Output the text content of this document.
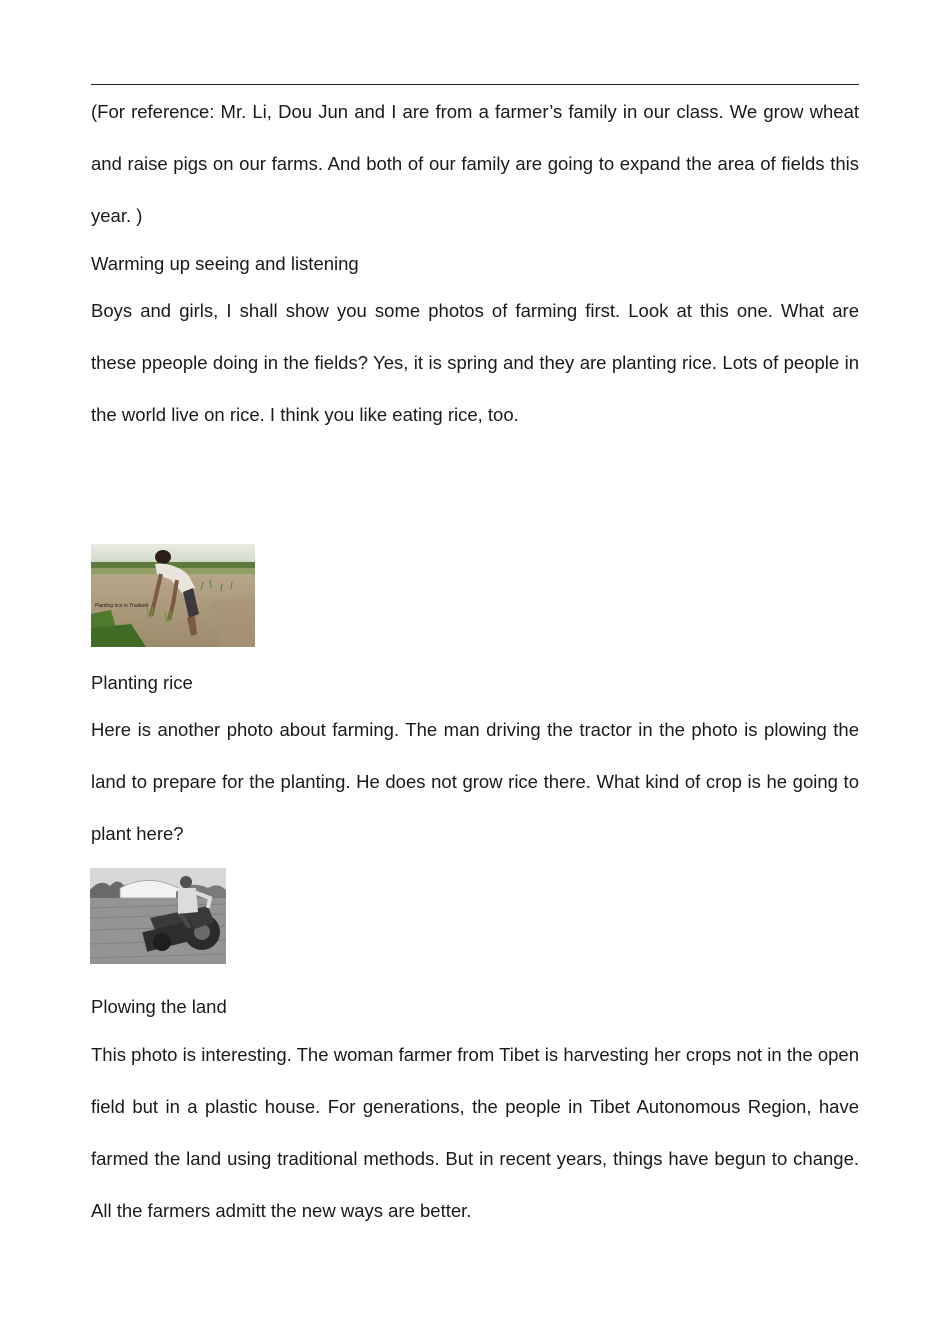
(For reference: Mr. Li, Dou Jun and I are from a farmer’s family in our class. We grow wheat and raise pigs on our farms. And both of our family are going to expand the area of fields this year. )

Warming up seeing and listening

Boys and girls, I shall show you some photos of farming first. Look at this one. What are these ppeople doing in the fields? Yes, it is spring and they are planting rice. Lots of people in the world live on rice. I think you like eating rice, too.

Planting rice in Thailand

Planting rice

Here is another photo about farming. The man driving the tractor in the photo is plowing the land to prepare for the planting. He does not grow rice there. What kind of crop is he going to plant here?

Plowing the land

This photo is interesting. The woman farmer from Tibet is harvesting her crops not in the open field but in a plastic house. For generations, the people in Tibet Autonomous Region, have farmed the land using traditional methods. But in recent years, things have begun to change. All the farmers admitt the new ways are better.
